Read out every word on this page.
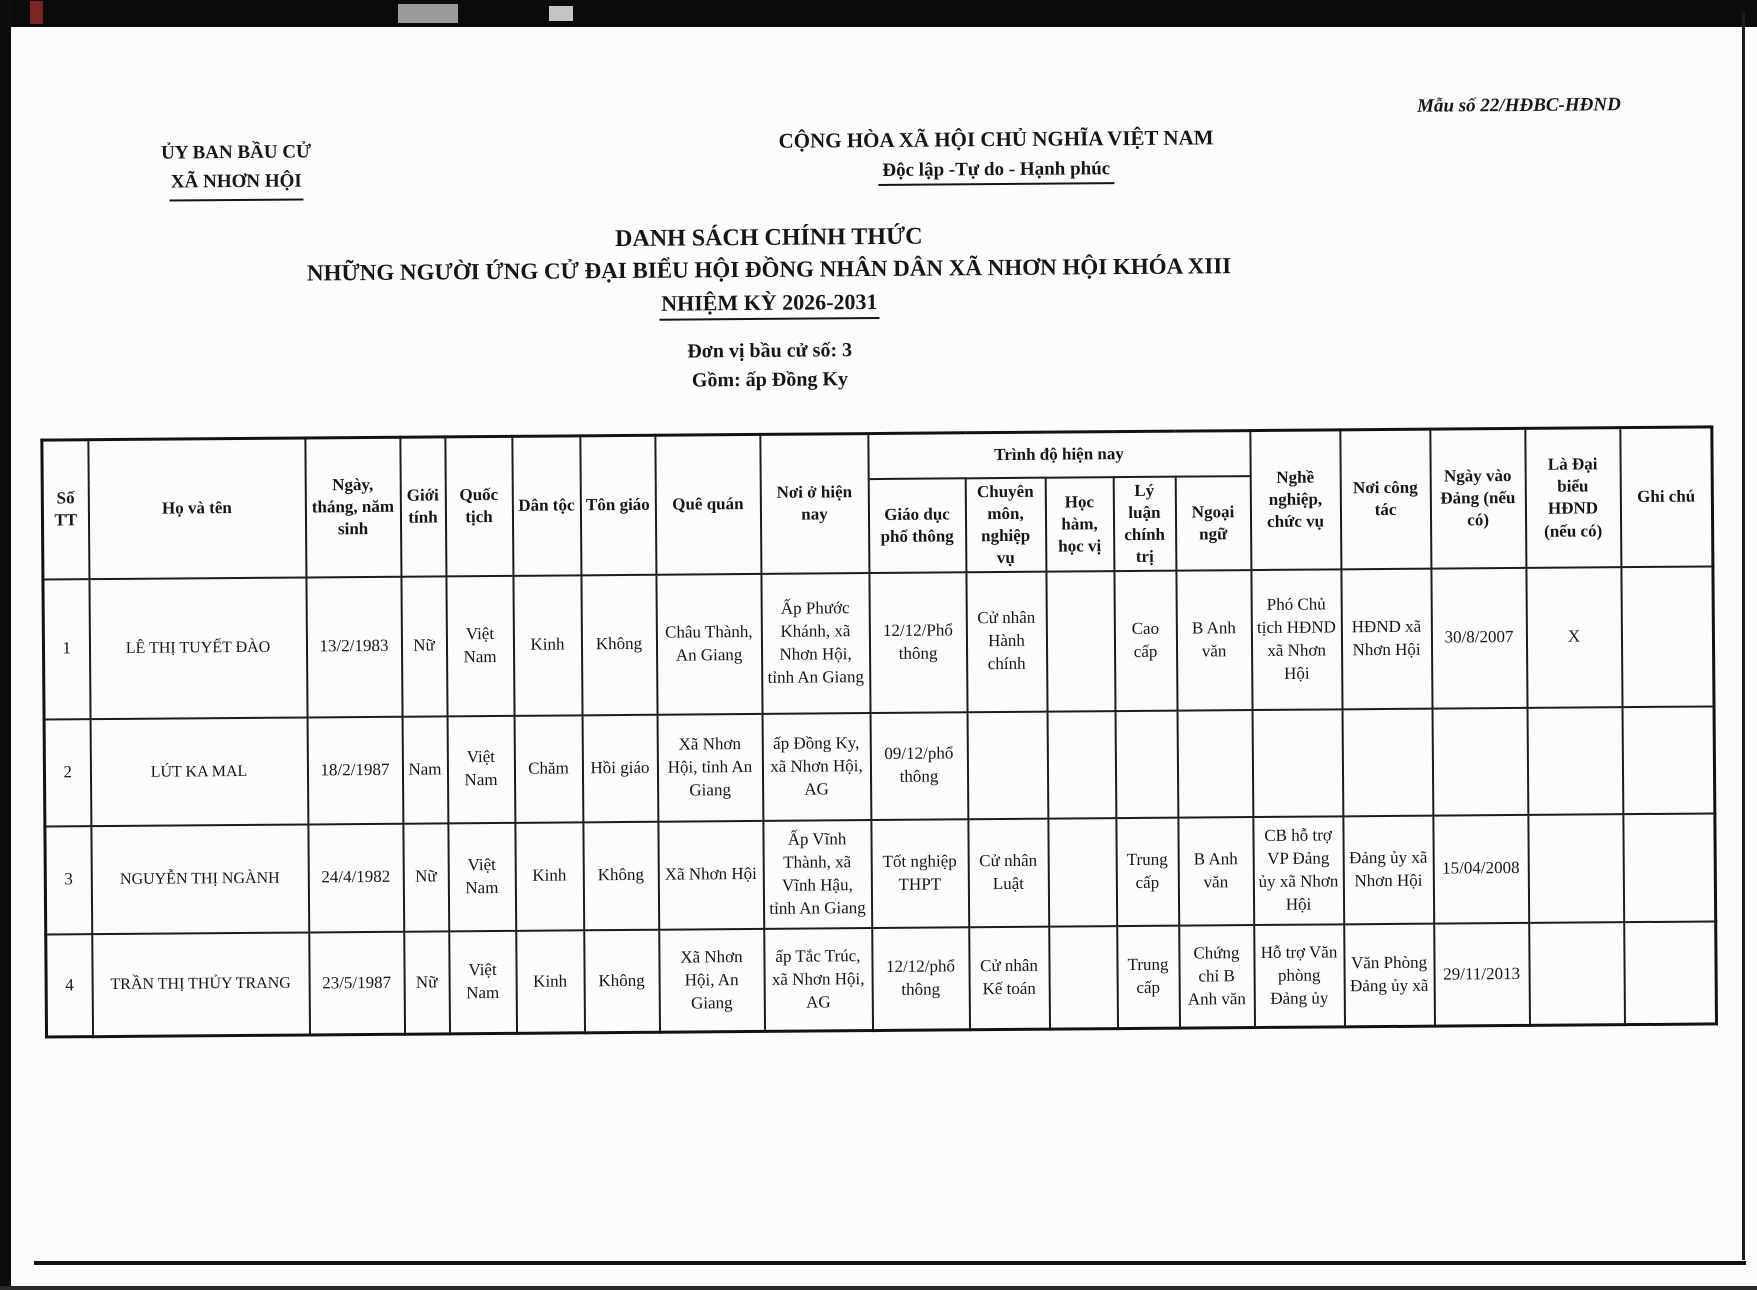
Mẫu số 22/HĐBC-HĐND
ỦY BAN BẦU CỬ
XÃ NHƠN HỘI
CỘNG HÒA XÃ HỘI CHỦ NGHĨA VIỆT NAM
Độc lập -Tự do - Hạnh phúc
DANH SÁCH CHÍNH THỨC
NHỮNG NGƯỜI ỨNG CỬ ĐẠI BIỂU HỘI ĐỒNG NHÂN DÂN XÃ NHƠN HỘI KHÓA XIII
NHIỆM KỲ 2026-2031
Đơn vị bầu cử số: 3
Gồm: ấp Đồng Ky
Số TT	Họ và tên	Ngày, tháng, năm sinh	Giới tính	Quốc tịch	Dân tộc	Tôn giáo	Quê quán	Nơi ở hiện nay	Trình độ hiện nay					Nghề nghiệp, chức vụ	Nơi công tác	Ngày vào Đảng (nếu có)	Là Đại biểu HĐND (nếu có)	Ghi chú
									Giáo dục phổ thông	Chuyên môn, nghiệp vụ	Học hàm, học vị	Lý luận chính trị	Ngoại ngữ					
1	LÊ THỊ TUYẾT ĐÀO	13/2/1983	Nữ	Việt Nam	Kinh	Không	Châu Thành, An Giang	Ấp Phước Khánh, xã Nhơn Hội, tỉnh An Giang	12/12/Phổ thông	Cử nhân Hành chính		Cao cấp	B Anh văn	Phó Chủ tịch HĐND xã Nhơn Hội	HĐND xã Nhơn Hội	30/8/2007	X	
2	LÚT KA MAL	18/2/1987	Nam	Việt Nam	Chăm	Hồi giáo	Xã Nhơn Hội, tỉnh An Giang	ấp Đồng Ky, xã Nhơn Hội, AG	09/12/phổ thông									
3	NGUYỄN THỊ NGÀNH	24/4/1982	Nữ	Việt Nam	Kinh	Không	Xã Nhơn Hội	Ấp Vĩnh Thành, xã Vĩnh Hậu, tỉnh An Giang	Tốt nghiệp THPT	Cử nhân Luật		Trung cấp	B Anh văn	CB hỗ trợ VP Đảng ủy xã Nhơn Hội	Đảng ủy xã Nhơn Hội	15/04/2008		
4	TRẦN THỊ THỦY TRANG	23/5/1987	Nữ	Việt Nam	Kinh	Không	Xã Nhơn Hội, An Giang	ấp Tắc Trúc, xã Nhơn Hội, AG	12/12/phổ thông	Cử nhân Kế toán		Trung cấp	Chứng chỉ B Anh văn	Hỗ trợ Văn phòng Đảng ủy	Văn Phòng Đảng ủy xã	29/11/2013		
